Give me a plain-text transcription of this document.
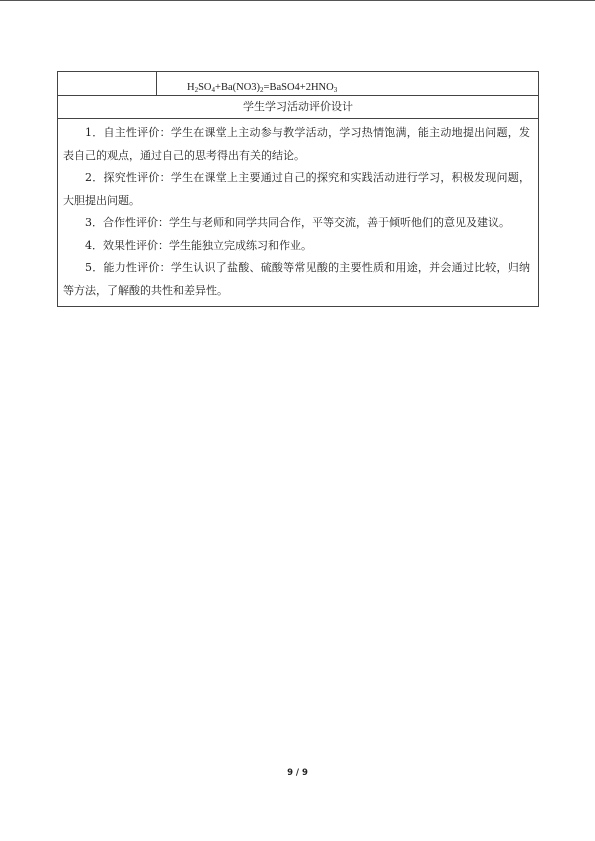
$H_2SO_4+Ba(NO3)_2=BaSO4+2HNO_3$

学生学习活动评价设计

1．自主性评价：学生在课堂上主动参与教学活动，学习热情饱满，能主动地提出问题，发表自己的观点，通过自己的思考得出有关的结论。

2．探究性评价：学生在课堂上主要通过自己的探究和实践活动进行学习，积极发现问题，大胆提出问题。

3．合作性评价：学生与老师和同学共同合作，平等交流，善于倾听他们的意见及建议。

4．效果性评价：学生能独立完成练习和作业。

5．能力性评价：学生认识了盐酸、硫酸等常见酸的主要性质和用途，并会通过比较，归纳等方法，了解酸的共性和差异性。

9 / 9
